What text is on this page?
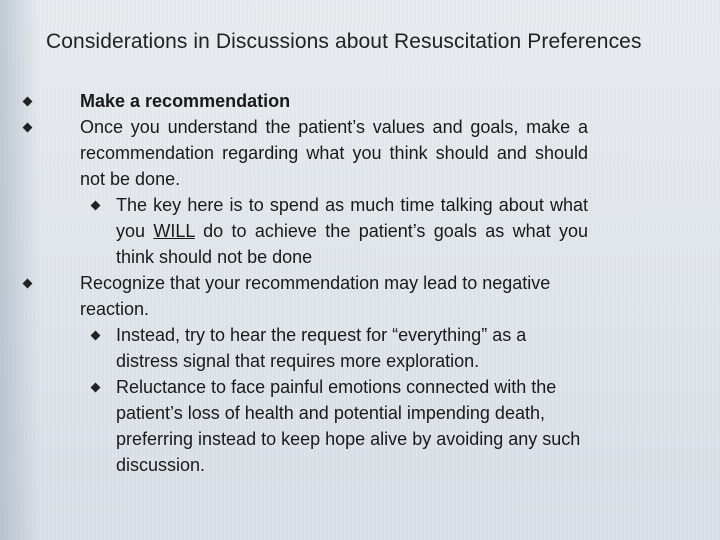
Considerations in Discussions about Resuscitation Preferences
Make a recommendation
Once you understand the patient’s values and goals, make a recommendation regarding what you think should and should not be done.
The key here is to spend as much time talking about what you WILL do to achieve the patient’s goals as what you think should not be done
Recognize that your recommendation may lead to negative reaction.
Instead, try to hear the request for “everything” as a distress signal that requires more exploration.
Reluctance to face painful emotions connected with the patient’s loss of health and potential impending death, preferring instead to keep hope alive by avoiding any such discussion.
